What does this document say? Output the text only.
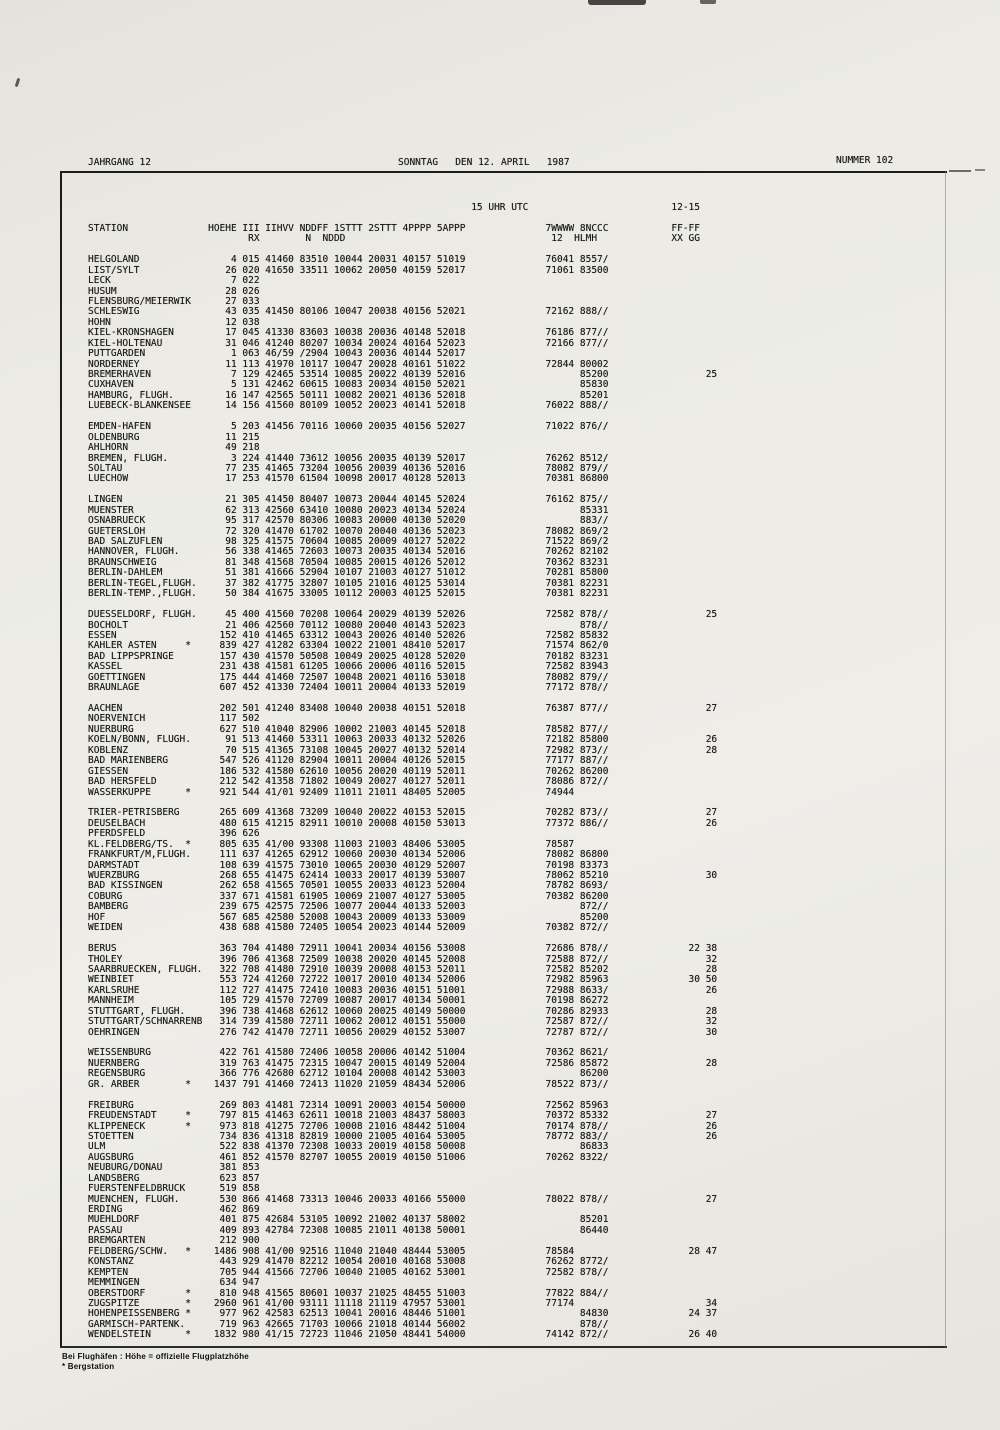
JAHRGANG 12	SONNTAG   DEN 12. APRIL   1987	NUMMER 102
15 UHR UTC                         12-15
STATION              HOEHE III IIHVV NDDFF 1STTT 2STTT 4PPPP 5APPP              7WWWW 8NCCC           FF-FF
RX        N  NDDD                                    12  HLMH             XX GG
HELGOLAND                4 015 41460 83510 10044 20031 40157 51019              76041 8557/
LIST/SYLT               26 020 41650 33511 10062 20050 40159 52017              71061 83500
LECK                     7 022
HUSUM                   28 026
FLENSBURG/MEIERWIK      27 033
SCHLESWIG               43 035 41450 80106 10047 20038 40156 52021              72162 888//
HOHN                    12 038
KIEL-KRONSHAGEN         17 045 41330 83603 10038 20036 40148 52018              76186 877//
KIEL-HOLTENAU           31 046 41240 80207 10034 20024 40164 52023              72166 877//
PUTTGARDEN               1 063 46/59 /2904 10043 20036 40144 52017
NORDERNEY               11 113 41970 10117 10047 20028 40161 51022              72844 80002
BREMERHAVEN              7 129 42465 53514 10085 20022 40139 52016                    85200                 25
CUXHAVEN                 5 131 42462 60615 10083 20034 40150 52021                    85830
HAMBURG, FLUGH.         16 147 42565 50111 10082 20021 40136 52018                    85201
LUEBECK-BLANKENSEE      14 156 41560 80109 10052 20023 40141 52018              76022 888//
EMDEN-HAFEN              5 203 41456 70116 10060 20035 40156 52027              71022 876//
OLDENBURG               11 215
AHLHORN                 49 218
BREMEN, FLUGH.           3 224 41440 73612 10056 20035 40139 52017              76262 8512/
SOLTAU                  77 235 41465 73204 10056 20039 40136 52016              78082 879//
LUECHOW                 17 253 41570 61504 10098 20017 40128 52013              70381 86800
LINGEN                  21 305 41450 80407 10073 20044 40145 52024              76162 875//
MUENSTER                62 313 42560 63410 10080 20023 40134 52024                    85331
OSNABRUECK              95 317 42570 80306 10083 20000 40130 52020                    883//
GUETERSLOH              72 320 41470 61702 10070 20040 40136 52023              78082 869/2
BAD SALZUFLEN           98 325 41575 70604 10085 20009 40127 52022              71522 869/2
HANNOVER, FLUGH.        56 338 41465 72603 10073 20035 40134 52016              70262 82102
BRAUNSCHWEIG            81 348 41568 70504 10085 20015 40126 52012              70362 83231
BERLIN-DAHLEM           51 381 41666 52904 10107 21003 40127 51012              70281 85800
BERLIN-TEGEL,FLUGH.     37 382 41775 32807 10105 21016 40125 53014              70381 82231
BERLIN-TEMP.,FLUGH.     50 384 41675 33005 10112 20003 40125 52015              70381 82231
DUESSELDORF, FLUGH.     45 400 41560 70208 10064 20029 40139 52026              72582 878//                 25
BOCHOLT                 21 406 42560 70112 10080 20040 40143 52023                    878//
ESSEN                  152 410 41465 63312 10043 20026 40140 52026              72582 85832
KAHLER ASTEN     *     839 427 41282 63304 10022 21001 48410 52017              71574 862/0
BAD LIPPSPRINGE        157 430 41570 50508 10049 20025 40128 52020              70182 83231
KASSEL                 231 438 41581 61205 10066 20006 40116 52015              72582 83943
GOETTINGEN             175 444 41460 72507 10048 20021 40116 53018              78082 879//
BRAUNLAGE              607 452 41330 72404 10011 20004 40133 52019              77172 878//
AACHEN                 202 501 41240 83408 10040 20038 40151 52018              76387 877//                 27
NOERVENICH             117 502
NUERBURG               627 510 41040 82906 10002 21003 40145 52018              78582 877//
KOELN/BONN, FLUGH.      91 513 41460 53311 10063 20033 40132 52026              72182 85800                 26
KOBLENZ                 70 515 41365 73108 10045 20027 40132 52014              72982 873//                 28
BAD MARIENBERG         547 526 41120 82904 10011 20004 40126 52015              77177 887//
GIESSEN                186 532 41580 62610 10056 20020 40119 52011              70262 86200
BAD HERSFELD           212 542 41358 71802 10049 20027 40127 52011              78086 872//
WASSERKUPPE      *     921 544 41/01 92409 11011 21011 48405 52005              74944
TRIER-PETRISBERG       265 609 41368 73209 10040 20022 40153 52015              70282 873//                 27
DEUSELBACH             480 615 41215 82911 10010 20008 40150 53013              77372 886//                 26
PFERDSFELD             396 626
KL.FELDBERG/TS.  *     805 635 41/00 93308 11003 21003 48406 53005              78587
FRANKFURT/M,FLUGH.     111 637 41265 62912 10060 20030 40134 52006              78082 86800
DARMSTADT              108 639 41575 73010 10065 20030 40129 52007              70198 83373
WUERZBURG              268 655 41475 62414 10033 20017 40139 53007              78062 85210                 30
BAD KISSINGEN          262 658 41565 70501 10055 20033 40123 52004              78782 8693/
COBURG                 337 671 41581 61905 10069 21007 40127 53005              70382 86200
BAMBERG                239 675 42575 72506 10077 20044 40133 52003                    872//
HOF                    567 685 42580 52008 10043 20009 40133 53009                    85200
WEIDEN                 438 688 41580 72405 10054 20023 40144 52009              70382 872//
BERUS                  363 704 41480 72911 10041 20034 40156 53008              72686 878//              22 38
THOLEY                 396 706 41368 72509 10038 20020 40145 52008              72588 872//                 32
SAARBRUECKEN, FLUGH.   322 708 41480 72910 10039 20008 40153 52011              72582 85202                 28
WEINBIET               553 724 41260 72722 10017 20010 40134 52006              72982 85963              30 50
KARLSRUHE              112 727 41475 72410 10083 20036 40151 51001              72988 8633/                 26
MANNHEIM               105 729 41570 72709 10087 20017 40134 50001              70198 86272
STUTTGART, FLUGH.      396 738 41468 62612 10060 20025 40149 50000              70286 82933                 28
STUTTGART/SCHNARRENB   314 739 41580 72711 10062 20012 40151 55000              72587 872//                 32
OEHRINGEN              276 742 41470 72711 10056 20029 40152 53007              72787 872//                 30
WEISSENBURG            422 761 41580 72406 10058 20006 40142 51004              70362 8621/
NUERNBERG              319 763 41475 72315 10047 20015 40149 52004              72586 85872                 28
REGENSBURG             366 776 42680 62712 10104 20008 40142 53003                    86200
GR. ARBER        *    1437 791 41460 72413 11020 21059 48434 52006              78522 873//
FREIBURG               269 803 41481 72314 10091 20003 40154 50000              72562 85963
FREUDENSTADT     *     797 815 41463 62611 10018 21003 48437 58003              70372 85332                 27
KLIPPENECK       *     973 818 41275 72706 10008 21016 48442 51004              70174 878//                 26
STOETTEN               734 836 41318 82819 10000 21005 40164 53005              78772 883//                 26
ULM                    522 838 41370 72308 10033 20019 40158 50008                    86833
AUGSBURG               461 852 41570 82707 10055 20019 40150 51006              70262 8322/
NEUBURG/DONAU          381 853
LANDSBERG              623 857
FUERSTENFELDBRUCK      519 858
MUENCHEN, FLUGH.       530 866 41468 73313 10046 20033 40166 55000              78022 878//                 27
ERDING                 462 869
MUEHLDORF              401 875 42684 53105 10092 21002 40137 58002                    85201
PASSAU                 409 893 42784 72308 10085 21011 40138 50001                    86440
BREMGARTEN             212 900
FELDBERG/SCHW.   *    1486 908 41/00 92516 11040 21040 48444 53005              78584                    28 47
KONSTANZ               443 929 41470 82212 10054 20010 40168 53008              76262 8772/
KEMPTEN                705 944 41566 72706 10040 21005 40162 53001              72582 878//
MEMMINGEN              634 947
OBERSTDORF       *     810 948 41565 80601 10037 21025 48455 51003              77822 884//
ZUGSPITZE        *    2960 961 41/00 93111 11118 21119 47957 53001              77174                       34
HOHENPEISSENBERG *     977 962 42583 62513 10041 20016 48446 51001                    84830              24 37
GARMISCH-PARTENK.      719 963 42665 71703 10066 21018 40144 56002                    878//
WENDELSTEIN      *    1832 980 41/15 72723 11046 21050 48441 54000              74142 872//              26 40
Bei Flughäfen : Höhe = offizielle Flugplatzhöhe
* Bergstation
